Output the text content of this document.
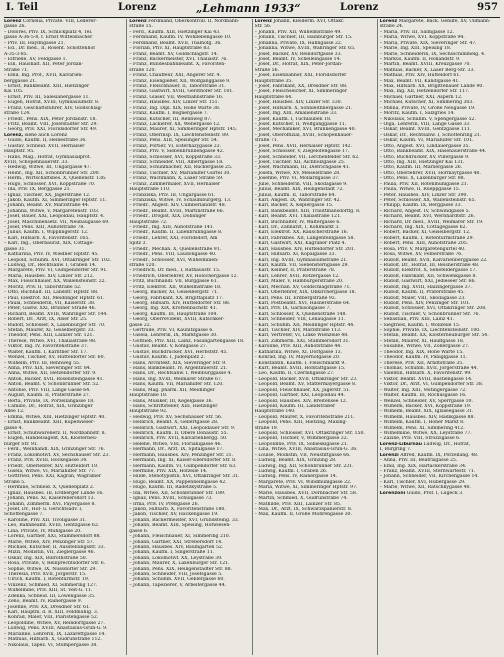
I. Teil	Lorenz	„Lehmann 1933“	Lorenz	957
Lorenz Cornelia, Private. VIII, Lederer-
gasse 26.
– Dolores, Priv. IX, Schlickplatz 4, Tel.
gasse A-36-5-8, f. Ernst Wittelsbacher
– Priv. III, Haydngasse 21.
– Ed., Dr. med., II, Rosent. Schottenhof
A-35-3-85.
– Elfriede, XV, Feldgasse 1.
– Elli, Haushalt. XII, Peter Jordan-
Straße 71.
– Emil, Ing. Prof., XVII, Kalvarien-
berggasse 21.
– Ernst, Bankbeamt. XIII, Hietzinger
Kai 105.
– Ernst, Priv. III, Salesianergasse 11.
– Eugen, Hofrat, XVIII, Gymnasiumstr. 8.
– Franz, Geschäftsführer, XIV, Goldschlag-
straße 124.
– Friedr., Pens. XIX, Peter Jordanstr. 18.
– Fritz, Beamt. VIII, Josefstädter Str. 29.
– Georg, Priv. XXI, Floridsdorfer Str. 49.
Lorenz, siehe auch Lorenz
– Guido, Kaufm. II, Heinestraße 36.
– Gustav, Schneid. XVII, Hernalser
Hauptstr. 95.
– Hans, Mag., Hofrat, Gymnasialprof.
XVIII, Schopenhauerstr. 33.
– Hedwig, Witwe, III, Ungargasse 47.
– Heinr., Ing. XII, Schönbrunner Str. 200.
– Herm., Wirtschaftsbes. X, Quellenstr. 136.
– Hugo, Schlosser, XVI, Koppstraße 70.
– Ida, Priv. IX, Berggasse 21.
– Ignaz, Tischler, XX, Jägerstraße 12.
– Jakob, Kaufm. XI, Simmeringer Hptstr. 11.
– Johann, Beamt. XV, Märzstraße 44.
– Johanna, Witwe, V, Margaretenstr. 103.
– Josef, Bauer, XXI, Leopoldau, Hauptstr. 4.
– Josef, Maschinensetz. VII, Neubaugasse 69.
– Josef, Pens. XIII, Auhofstraße 78.
– Julius, Kaufm. I, Wipplingerstr. 12.
– Karl, Hilfsarb. X, Favoritenstr. 165.
– Karl, Ing., Oberbaurat, XIX, Cottage-
gasse 31.
– Katharina, Priv. IV, Wiedner Hptstr. 45.
– Leopold, Schuhm. XVI, Ottakringer Str. 102.
– Ludwig, Dr., Rechtsanw. I, Graben 14.
– Margarete, Priv. VI, Gumpendorfer Str. 91.
– Maria, Hausbes. XIV, Linzer Str. 212.
– Max, Fleischhauer, XX, Wallensteinstr. 22.
– Moritz, Priv. II, Taborstraße 52.
– Otto, Buchhalt. III, Landstr. Hptstr. 88.
– Paul, Elektrot. XII, Meidlinger Hptstr. 61.
– Paula, Schneiderin, VII, Kaiserstr. 38.
– Peter, Gastw. XXI, Brünner Straße 46.
– Richard, Beamt. XVIII, Währinger Str. 144.
– Robert, Dr., Arzt, IX, Alser Str. 25.
– Rudolf, Schlosser, X, Laxenburger Str. 70.
– Stefan, Maurer, XI, Geiselbergstr. 33.
– Theodor, Pens. XIII, Lainzer Str. 121.
– Therese, Witwe, XVI, Thaliastraße 98.
– Viktor, Ing. IV, Favoritenstraße 37.
– Walter, Kaufm. I, Kärntner Str. 17.
– Wenzel, Tischler, XV, Hütteldorfer Str. 60.
– Wilhelm, Priv. III, Rennweg 55.
– Anna, Priv. XIX, Sieveringer Str. 84.
– Anna, Witwe, XII, Hetzendorfer Str. 9.
– Anton, Bäcker, XVII, Rosensteingasse 41.
– Anton, Beamt. V, Schönbrunner Str. 52.
– Antonie, Priv. VIII, Lange Gasse 64.
– August, Kaufm. II, Praterstraße 27.
– Berta, Private, IX, Porzellangasse 18.
– Camillo, Dr., Hofrat, XIX, Grinzinger
Allee 12.
– Emma, Witwe, XIII, Hietzinger Hptstr. 40.
– Ernst, Bankbeamt. XIII, Kupelwieser-
gasse 4.
– Ernst, Schuhwarenerz. II, Nordbahnstr. 8.
– Eugen, Handelsagent, XX, Klosterneu-
burger Str. 91.
– Ferd., Weinhändl. XIX, Grinzinger Str. 76.
– Franz, Lokomotivf. XV, Sechshauser Str. 23.
– Franz, Priv. XVIII, Hockegasse 34.
– Friedr., Oberlehrer, XIV, Hütteldorf 19.
– Gisela, Witwe, VI, Mariahilfer Str. 77.
– Gottfried, Pens. XXI, Kagran, Wagramer
Straße 5.
– Hermine, Schneid. X, Quellenplatz 2.
– Ignaz, Hausbes. III, Erdberger Lände 16.
– Johann, Pens. XI, Kaiserebersdorf 13.
– Johann, Zimmerm. XVI, Payergasse 8.
– Josef, Dr., Hof- u. Gerichtsadv. I,
Schottengasse 7.
– Karoline, Priv. XII, Tivoligasse 31.
– Leo, Bahnbeamt. XVIII, Gentzgasse 62.
– Lina, Private, IV, Mühlgasse 20.
– Lorenz, Gärtner, XXI, Stammersdorf 88.
– Marie, Witwe, XIV, Penzinger Str. 57.
– Michael, Kutscher, II, Ausstellungsstr. 33.
– Mizzi, Modistin, VII, Zieglergasse 46.
– Oskar, Ing. XIX, Billrothstraße 50.
– Rosa, Private, V, Reinprechtsdorfer Str. 6.
– Sophie, Witwe, IX, Nussdorfer Str. 29.
– Theresia, Priv. XVII, Jörgerstr. 15.
– Ulrich, Kaufm. I, Rotenturmstr. 19.
– Vinzenz, Schmied, XI, Simmering 127.
– Wilhelmine, Priv. XIII, St. Veit-G. 11.
– Zdenka, Schneid. III, Löwengasse 35.
– Zeno, Beamt. IV, Rainergasse 9.
– Josefine, Priv. XX, Dresdner Str. 61.
– Karl, Hauptm. d. R. XIII, Feldmühlg. 3.
– Konrad, Maler, VIII, Piaristengasse 52.
– Leopoldine, Witwe, XV, Reindorfgasse 27.
– Ludwig, Pens. XVIII, Anastasius-Grün-G. 9.
– Marianne, Lehrerin, IX, Lazarettgasse 14.
– Mathias, Hilfsarb. X, Gudrunstraße 112.
– Nikolaus, Tapez. VI, Stumpergasse 38.
Lorenz Ferdinand, Oberkontroll. II, Nordbahn-
straße 15.
– Ferd., Kaufm. XIII, Hietzinger Kai 43.
– Ferdinand, Kaufm. IV, Wohllebengasse 10.
– Ferdinand, Beamt. XVII, Thalhofg. 36.
– Florian, Priv. XI, Hauptstraße 83.
– Franz, Beamt. XV, Goldschlagstr. 14.
– Franz, Bäckermeister, XVI, Thaliastr. 76.
– Franz, Bundesbahnbeamt. X, Favoriten-
straße 120.
– Franz, Chauffeur, XXI, Angerer Str. 4.
– Franz, Eisengießer, XII, Wolfganggasse 9.
– Franz, Fleischhauer, II, Taborstraße 31.
– Franz, Gastwirt, XVIII, Gersthofer Str. 101.
– Franz, Glaser, VII, Westbahnstraße 16.
– Franz, Hausbes. XIV, Linzer Str. 151.
– Franz, Ing. Dipl. XIX, Hohe Warte 38.
– Franz, Kaufm. I, Bognergasse 7.
– Franz, Kutscher, III, Rennweg 87.
– Franz, Lackierer, XX, Webergasse 12.
– Franz, Maurer, XI, Simmeringer Hptstr. 145.
– Franz, Oberinsp. IX, Liechtensteinstr. 89.
– Franz, Pens. XIII, Speisinger Str. 54.
– Franz, Portier, VI, Esterhazygasse 23.
– Franz, Priv. V, Siebenbrunnengasse 42.
– Franz, Schlosser, XVI, Koppstraße 33.
– Franz, Schneider, VIII, Albertgasse 18.
– Franz, Schuhmacher, XII, Ruckergasse 25.
– Franz, Tischler, XV, Mariahilfer Gürtel 30.
– Franz, Wachmann, X, Laaer Straße 59.
– Franz, Zimmermaler, XVII, Hernalser
Hauptstraße 110.
– Franziska, Priv. III, Ungargasse 61.
– Franziska, Witwe, IV, Schaumburgerg. 13.
– Friedr., Angest. XIV, Cumberlandstr. 48.
– Friedr., Beamt. XVIII, Martinstraße 66.
– Friedr., Drogist, XIX, Döblinger
Hauptstraße 72.
– Friedr., Ing. XIII, Auhofstraße 141.
– Friedr., Kaufm. II, Lilienbrunngasse 8.
– Friedr., Lehrer, XXI, Floridsdorf, Am
Spitz 3.
– Friedr., Mechan. X, Quellenstraße 91.
– Friedr., Pens. VIII, Laudongasse 40.
– Friedr., Schlosser, XVI, Wilhelminen-
straße 120.
– Friedrich, Dr. med., I, Rathausstr. 15.
– Friedrich, Oberlehrer, XV, Holochergasse 12.
– Fritz, Buchhändl. VII, Burggasse 61.
– Fritz, Elektrot. XII, Wilhelmstraße 18.
– Georg, Bäcker, XI, Geiselbergstr. 71.
– Georg, Fabrikant, XX, Brigittaplatz 17.
– Georg, Hilfsarb. XIV, Hütteldorfer Str. 88.
– Georg, Ing. XIX, Krottenbachstr. 41.
– Georg, Kaufm. III, Hauptstraße 104.
– Georg, Oberrevident, XVIII, Kutschker-
gasse 22.
– Gertrude, Priv. VI, Kaunitzgasse 6.
– Gisela, Lehrerin, IX, Marktgasse 30.
– Gottlieb, Priv. XIII, Lainz, Fasangartengasse 18.
– Gustav, Beamt. V, Kohlgasse 27.
– Gustav, Buchdrucker, XVI, Herbststr. 45.
– Gustav, Kaufm. I, Judenplatz 2.
– Hans, Architekt, XIX, Sieveringer Str. 9.
– Hans, Bankbeamt. IV, Argentinierstr. 21.
– Hans, Dr., Rechtsanw. I, Weihburggasse 4.
– Hans, Ing. XVIII, Weimarer Straße 67.
– Hans, Kaufm. VII, Mariahilfer Str. 120.
– Hans, Mag. pharm. XII, Meidlinger
Hauptstraße 18.
– Hans, Musiker, III, Kegelgasse 36.
– Hans, Schriftsteller, XIII, Hietzinger
Hauptstraße 92.
– Hedwig, Priv. XV, Sechshauser Str. 56.
– Heinrich, Beamt. X, Gellertgasse 28.
– Heinrich, Gastwirt, XXI, Leopoldauer Str. 9.
– Heinrich, Kaufm. II, Obere Donaustr. 55.
– Heinrich, Priv. XVII, Kalvarienbergg. 50.
– Helene, Witwe, VIII, Florianigasse 46.
– Hermann, Dr., Arzt, IX, Spitalgasse 17.
– Hermann, Hausbes. XIV, Penzinger Str. 31.
– Hermann, Ing. XI, Kaiser-Ebersdorfer Str. 8.
– Hermann, Kaufm. VI, Gumpendorfer Str. 63.
– Hermine, Priv. XIX, Hofzeile 14.
– Hilde, Stenotypistin, XVI, Ottakringer Str. 31.
– Hugo, Beamt. XX, Pappenheimgasse 42.
– Hugo, Kaufm. III, Radetzkystraße 5.
– Ida, Witwe, XII, Schönbrunner Str. 189.
– Ignaz, Pens. XVIII, Schulgasse 73.
– Irma, Priv. IV, Preßgasse 26.
– Jakob, Hilfsarb. X, Favoritenstraße 180.
– Jakob, Tischler, XV, Hackengasse 19.
– Johann, Bäckermeister, XVI, Grundsteing. 33.
– Johann, Beamt. XIII, Speising, Hofwiesen-
gasse 6.
– Johann, Fleischhauer, XI, Simmering 210.
– Johann, Gärtner, XXI, Strebersdorf 14.
– Johann, Hausbes. XIV, Baumgarten 52.
– Johann, Kaufm. I, Singerstraße 11.
– Johann, Lokomotivf. XX, Leystraße 39.
– Johann, Maurer, X, Laxenburger Str. 121.
– Johann, Pens. XIX, Heiligenstädter Str. 88.
– Johann, Schneider, VIII, Josefsgasse 5.
– Johann, Schuhm. XVII, Geblergasse 60.
– Johann, Tapezierer, V, Arbeitergasse 44.
Lorenz Johann, Kleiderm. XVI, Ottakr.
Str. 56.
– Johann, Priv. XII, Wilhelmstraße 49.
– Johann, Tischler, III, Hainburger Str. 15.
– Johanna, Private, IX, Hahngasse 22.
– Johanna, Witwe, XVIII, Währinger Str. 65.
– Josef, Bäcker, XV, Reindorfgasse 33.
– Josef, Beamt. IV, Schelleingasse 14.
– Josef, Dr., Hofrat, XIX, Peter-Jordan-
Straße 56.
– Josef, Eisenbahner, XXI, Floridsdorfer
Hauptstraße 35.
– Josef, Fabrikant, XX, Dresdner Str. 88.
– Josef, Fleischselcher, XI, Simmeringer
Hauptstraße 64.
– Josef, Hausbes. XIV, Linzer Str. 330.
– Josef, Hilfsarb. X, Sonnleithnergasse 21.
– Josef, Ing. XIII, Amalienstraße 33.
– Josef, Kaufm. I, Tuchlauben 18.
– Josef, Kutscher, II, Wolfganggasse 11.
– Josef, Mechaniker, XVI, Brunnengasse 40.
– Josef, Oberoffizial, XVIII, Schopenhauer-
straße 71.
– Josef, Pens. XVII, Hernalser Hptstr. 142.
– Josef, Schlosser, V, Ziegelofengasse 17.
– Josef, Schneider, VII, Lerchenfelder Str. 62.
– Josef, Tischler, XII, Aichholzgasse 25.
– Josef, Wachmann, III, Dietrichgasse 41.
– Josefa, Witwe, XV, Meiselstraße 28.
– Josefine, Priv. VI, Mollardgasse 37.
– Julie, Schneiderin, VIII, Skodagasse 9.
– Julius, Beamt. XIX, Heiligenstadt 72.
– Julius, Kaufm. II, Taborstraße 64.
– Karl, Angest. IX, Währinger Str. 42.
– Karl, Bäcker, X, Keplergasse 15.
– Karl, Bankbeamt. XIII, Trauttmansdorffg. 8.
– Karl, Beamt. XVI, Thaliastraße 121.
– Karl, Buchhalter, IV, Waltergasse 6.
– Karl, Dr., Zahnarzt, I, Kohlmarkt 3.
– Karl, Elektrot. XX, Rauscherstraße 16.
– Karl, Fabrikbes. XII, Längenfeldgasse 58.
– Karl, Gastwirt, XXI, Kagraner Platz 4.
– Karl, Hausbes. XIV, Hütteldorfer Str. 201.
– Karl, Hilfsarb. XI, Kopalgasse 33.
– Karl, Ing. XVIII, Gymnasiumstraße 21.
– Karl, Kaufm. VII, Siebensterngasse 29.
– Karl, Kellner, II, Praterstraße 78.
– Karl, Lehrer, XVII, Rötzergasse 12.
– Karl, Maler, V, Hamburgerstraße 20.
– Karl, Mechan. XV, Goldschlagstraße 71.
– Karl, Oberlehrer, XIX, Obkirchergasse 18.
– Karl, Pens. III, Erdbergstraße 92.
– Karl, Postbeamt. XVI, Hasnerstraße 64.
– Karl, Priv. IX, Garnisongasse 7.
– Karl, Schlosser, X, Quellenstraße 148.
– Karl, Schneider, VIII, Lenaugasse 11.
– Karl, Schuhm. XII, Meidlinger Hptstr. 44.
– Karl, Tischler, XIV, Märzstraße 113.
– Karl, Vertreter, VI, Linke Wienzeile 48.
– Karl, Zimmerm. XXI, Stammersdorf 31.
– Karoline, Priv. XIII, Auhofstraße 44.
– Katharina, Witwe, XI, Dorfgasse 13.
– Konrad, Ing. IV, Mayerhofgasse 20.
– Konstantin, Kaufm. I, Fleischmarkt 9.
– Kurt, Beamt. XVIII, Hofstattgasse 15.
– Leo, Kaufm. II, Czerningasse 27.
– Leopold, Bäcker, XVII, Ottakringer Str. 23.
– Leopold, Beamt. XV, Stättermayergasse 8.
– Leopold, Fleischhauer, XX, Jägerstr. 51.
– Leopold, Gärtner, XXI, Leopoldau 44.
– Leopold, Hausbes. XIV, Breitensee 12.
– Leopold, Kaufm. III, Landstraßer
Hauptstraße 140.
– Leopold, Maurer, X, Favoritenstraße 211.
– Leopold, Pens. XIII, Hietzing, Maxing-
straße 19.
– Leopold, Schlosser, XVI, Ottakringer Str. 150.
– Leopold, Tischler, V, Wimmergasse 32.
– Leopoldine, Priv. IX, Sobieskigasse 21.
– Lina, Witwe, XVIII, Anastasius-Grün-G. 36.
– Louise, Modistin, VII, Neustiftgasse 66.
– Ludwig, Beamt. XIX, Grinzing 28.
– Ludwig, Ing. XII, Schönbrunner Str. 231.
– Ludwig, Kaufm. I, Graben 26.
– Ludwig, Pens. IV, Rainergasse 14.
– Margarete, Priv. VI, Windmühlgasse 22.
– Maria, Witwe, XI, Simmeringer Hptstr. 97.
– Marie, Hausbes. XVII, Dornbacher Str. 58.
– Martin, Schmied, X, Gudrunstraße 74.
– Mathilde, Priv. XIII, Lainzer Str. 85.
– Max, Dr., Arzt, IX, Schwarzspanierstr. 8.
– Max, Kaufm. II, Große Mohrengasse 30.
Lorenz Margarete, Bäck. Gehilfe, XV, Ullmann-
straße 24.
– Maria, Priv. III, Salmgasse 12.
– Maria, Witwe, XVI, Koppstraße 94.
– Maria, Private, XIX, Sieveringer Str. 47.
– Marie, Ing. XIII, Speising 18.
– Marie, Schneiderin, IX, Sechsschimmelg. 4.
– Markus, Kaufm. II, Hollandstr. 9.
– Martin, Beamt. XVIII, Kreuzgasse 70.
– Mathias, Bäcker, X, Laaer Berg-Str. 33.
– Mathias, Priv. XIV, Hütteldorf 61.
– Max, Beamt. VII, Kandlgasse 41.
– Max, Hilfsarb. XX, Brigittenauer Lände 90.
– Max, Ing. XII, Hetzendorfer Str. 117.
– Michael, Gärtner, XXI, Aspern 12.
– Michael, Kutscher, XI, Simmering 303.
– Minna, Private, IV, Große Neugasse 19.
– Moritz, Kaufm. I, Salzgries 14.
– Nikolaus, Schuhm. V, Spengergasse 52.
– Olga, Lehrerin, VIII, Lange Gasse 33.
– Oskar, Beamt. XVIII, Gentzgasse 111.
– Oskar, Dr., Rechtsanw. I, Schottenring 21.
– Oskar, Kaufm. VI, Mariahilfer Str. 101.
– Otto, Angest. XVI, Lindauergasse 35.
– Otto, Bankbeamt. XIX, Hasenauerstraße 44.
– Otto, Buchdrucker, XV, Pillergasse 9.
– Otto, Ing. XIII, Hietzinger Kai 131.
– Otto, Kaufm. III, Marxergasse 26.
– Otto, Oberlehrer, XVII, Hormayrgasse 48.
– Otto, Pens. X, Laxenburger Str. 88.
– Paula, Priv. XII, Rotenmühlgasse 21.
– Paula, Witwe, II, Rueppgasse 15.
– Peter, Hausbes. XIV, Linzer Str. 390.
– Peter, Schlosser, XX, Wallensteinstr. 65.
– Philipp, Kaufm. IX, Berggasse 33.
– Richard, Angest. IV, Schwindgasse 5.
– Richard, Beamt. XVI, Wernhardtstr. 26.
– Richard, Dr. med., XVIII, Weimarer Str. 19.
– Richard, Ing. XIX, Cottagegasse 62.
– Robert, Bäcker, XI, Geiselbergstr. 12.
– Robert, Kaufm. I, Rotenturmstraße 29.
– Robert, Pens. XIII, Auhofstraße 205.
– Rosa, Priv. V, Margaretengürtel 40.
– Rosa, Witwe, XV, Felberstraße 76.
– Rudolf, Beamt. XVII, Kalvarienberggasse 22.
– Rudolf, Dr., Hofrat, III, Reisnerstraße 48.
– Rudolf, Elektrot. X, Senefeldergasse 17.
– Rudolf, Fabrikant, XII, Schwenkgasse 8.
– Rudolf, Gastwirt, XXI, Jedleseer Str. 66.
– Rudolf, Ing. XVIII, Haizingergasse 37.
– Rudolf, Kaufm. II, Praterstraße 45.
– Rudolf, Maler, VIII, Skodagasse 23.
– Rudolf, Pens. XIV, Penzinger Str. 101.
– Rudolf, Schlosser, XVI, Ottakringer Str. 208.
– Rudolf, Tischler, V, Schönbrunner Str. 76.
– Sebastian, Priv. XIII, Lainz 41.
– Siegfried, Kaufm. I, Wollzeile 15.
– Sophie, Private, IX, Liechtensteinstr. 100.
– Stefan, Beamt. XX, Klosterneuburger Str. 54.
– Stefan, Maurer, XI, Hauffgasse 18.
– Susanne, Witwe, VII, Zollergasse 27.
– Theodor, Ing. XIX, Hohe Warte 15.
– Theodor, Kaufm. IV, Paniglgasse 11.
– Therese, Priv. XII, Arndtstraße 35.
– Thomas, Schuhm. XVII, Jörgerstraße 44.
– Valentin, Hilfsarb. X, Favoritenstr. 99.
– Viktor, Beamt. XVIII, Bastiengasse 14.
– Viktor, Dr., Arzt, VI, Gumpendorfer Str. 38.
– Walter, Ing. XIII, Veitingergasse 72.
– Walter, Kaufm. III, Rochusgasse 16.
– Wenzel, Schneider, XV, Sperrgasse 10.
– Wilhelm, Bäcker, XVI, Koppstraße 19.
– Wilhelm, Beamt. XIX, Iglaseegasse 31.
– Wilhelm, Hausbes. XIV, Hadikgasse 88.
– Wilhelm, Kaufm. I, Hoher Markt 8.
– Wilhelm, Pens. XI, Simmering 412.
– Wilhelmine, Witwe, XX, Leystraße 77.
– Zäzilie, Priv. VIII, Strozzigasse 6.
Lorenz-Liburnau Ludwig, Dr., Hofrat,
I, Burgring 7.
Lorenzi Alfred, Kaufm. IX, Porzellang. 48.
– Anna, Priv. III, Beatrixgasse 25.
– Emil, Ing. XIX, Hartäckerstraße 34.
– Franz, Beamt. XVIII, Sternwartestr. 71.
– Johann, Schneider, VII, Kirchengasse 14.
– Karl, Tischler, XVI, Hubergasse 29.
– Marie, Witwe, XII, Ratschkygasse 40.
Lorenzoni Guido, Prof. I, Lugeck 3.
